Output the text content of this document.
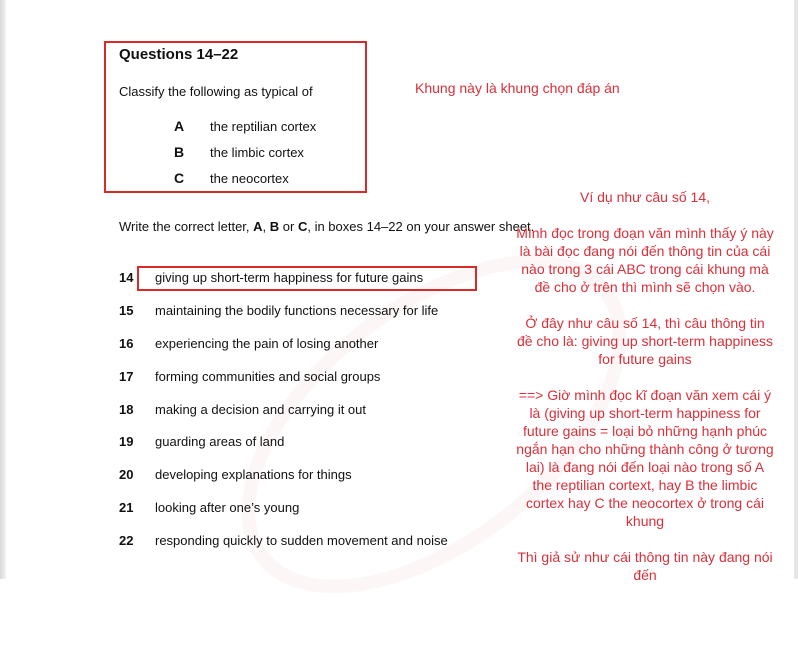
Questions 14–22
Classify the following as typical of
A the reptilian cortex
B the limbic cortex
C the neocortex
Write the correct letter, A, B or C, in boxes 14–22 on your answer sheet.
14 giving up short-term happiness for future gains
15 maintaining the bodily functions necessary for life
16 experiencing the pain of losing another
17 forming communities and social groups
18 making a decision and carrying it out
19 guarding areas of land
20 developing explanations for things
21 looking after one’s young
22 responding quickly to sudden movement and noise
Khung này là khung chọn đáp án

Ví dụ như câu số 14,

Mình đọc trong đoạn văn mình thấy ý này

là bài đọc đang nói đến thông tin của cái

nào trong 3 cái ABC trong cái khung mà

đề cho ở trên thì mình sẽ chọn vào.

Ở đây như câu số 14, thì câu thông tin

đề cho là: giving up short-term happiness

for future gains

==> Giờ mình đọc kĩ đoạn văn xem cái ý

là (giving up short-term happiness for

future gains = loại bỏ những hạnh phúc

ngắn hạn cho những thành công ở tương

lai) là đang nói đến loại nào trong số A

the reptilian cortext, hay B the limbic

cortex hay C the neocortex ở trong cái

khung

Thì giả sử như cái thông tin này đang nói

đến
